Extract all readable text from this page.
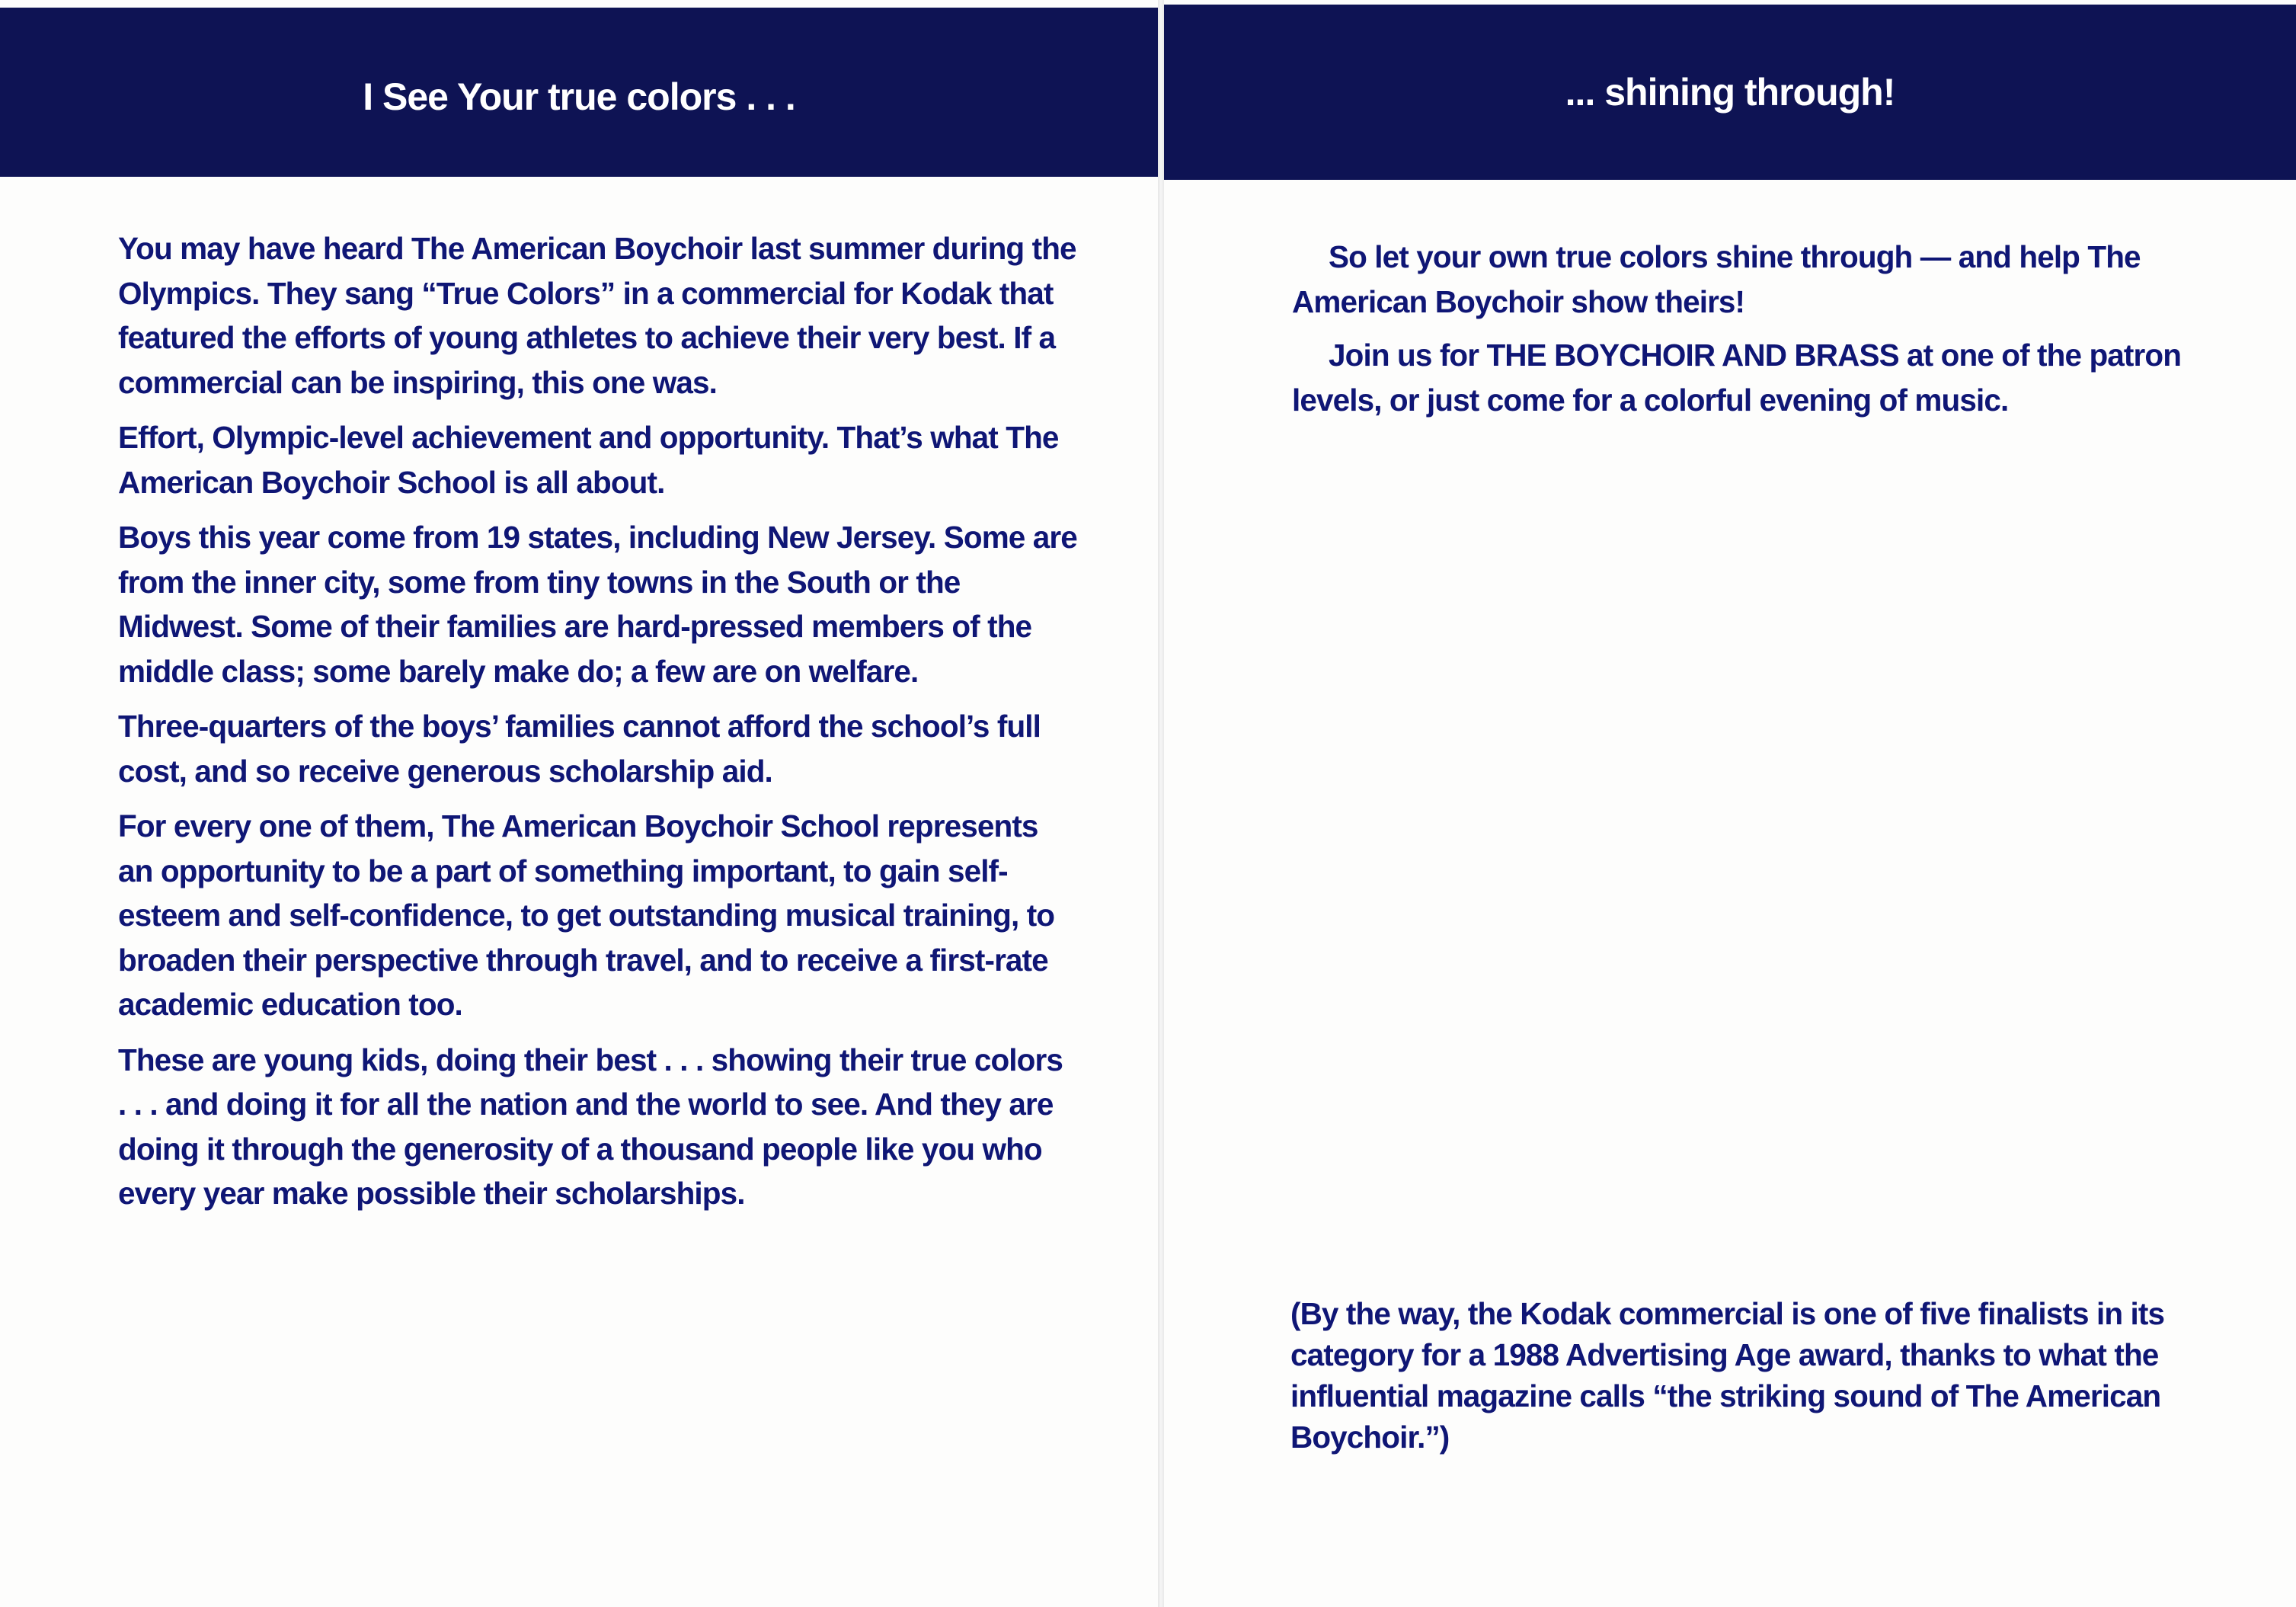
I See Your true colors . . .

You may have heard The American Boychoir last summer during the Olympics. They sang “True Colors” in a commercial for Kodak that featured the efforts of young athletes to achieve their very best. If a commercial can be inspiring, this one was.

Effort, Olympic-level achievement and opportunity. That’s what The American Boychoir School is all about.

Boys this year come from 19 states, including New Jersey. Some are from the inner city, some from tiny towns in the South or the Midwest. Some of their families are hard-pressed members of the middle class; some barely make do; a few are on welfare.

Three-quarters of the boys’ families cannot afford the school’s full cost, and so receive generous scholarship aid.

For every one of them, The American Boychoir School represents an opportunity to be a part of something important, to gain self-esteem and self-confidence, to get outstanding musical training, to broaden their perspective through travel, and to receive a first-rate academic education too.

These are young kids, doing their best . . . showing their true colors . . . and doing it for all the nation and the world to see. And they are doing it through the generosity of a thousand people like you who every year make possible their scholarships.

... shining through!

So let your own true colors shine through — and help The American Boychoir show theirs!

Join us for THE BOYCHOIR AND BRASS at one of the patron levels, or just come for a colorful evening of music.

(By the way, the Kodak commercial is one of five finalists in its category for a 1988 Advertising Age award, thanks to what the influential magazine calls “the striking sound of The American Boychoir.”)
